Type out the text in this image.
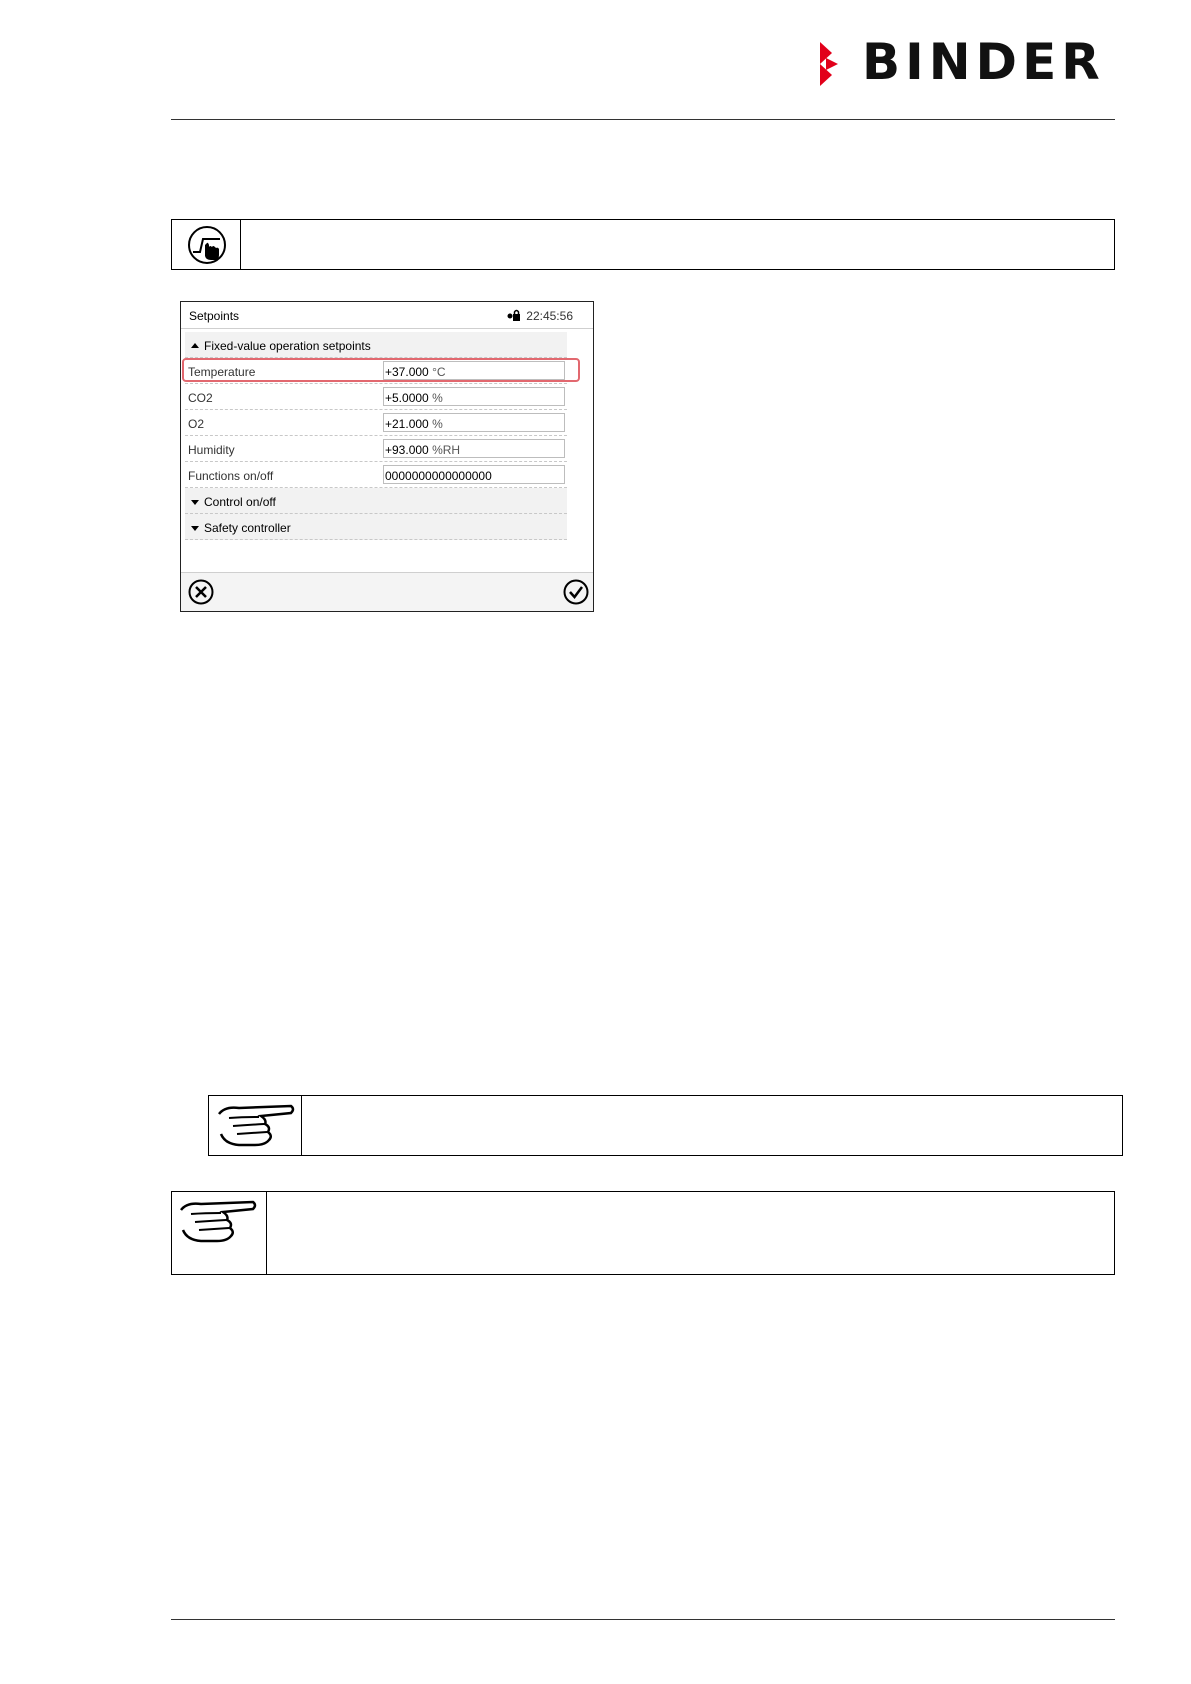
BINDER
Setpoints	22:45:56
Fixed-value operation setpoints
Temperature	+37.000 °C
CO2	+5.0000 %
O2	+21.000 %
Humidity	+93.000 %RH
Functions on/off	0000000000000000
Control on/off
Safety controller
